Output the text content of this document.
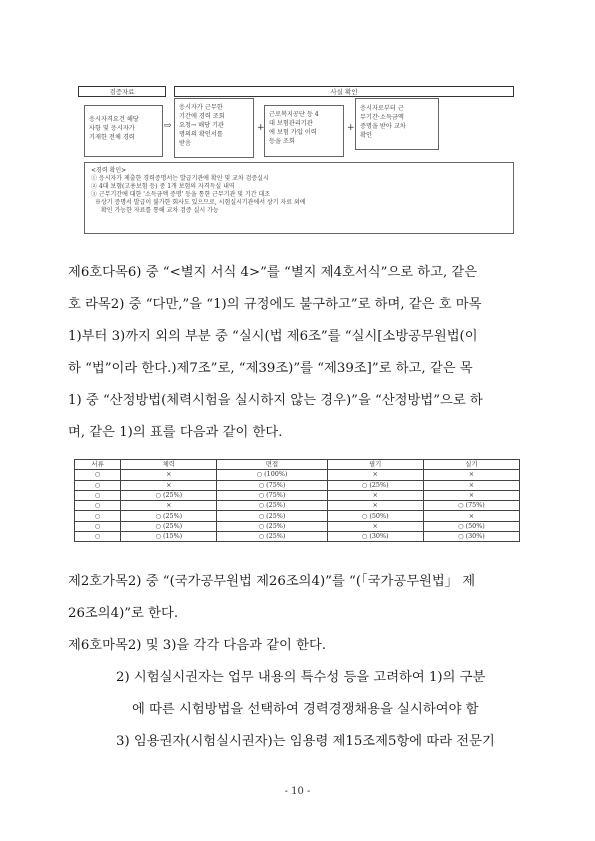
검증자료	사실 확인
응시자격요건 해당
사항 및 응시자가
기재한 전체 경력
⇨
응시자가 근무한
기간에 경력 조회
요청→ 해당 기관
명의의 확인서를
받음
+
근로복지공단 등 4
대 보험관리기관
에 보험 가입 이력
등을 조회
+
응시자로부터 근
무기간·소득금액
증명을 받아 교차
확인
<경력 확인>
① 응시자가 제출한 경력증명서는 발급기관에 확인 및 교차 검증실시
② 4대 보험(고용보험 등) 중 1개 보험의 자격득실 내역
③ 근무기간에 대한 '소득금액 증명' 등을 통한 근무기관 및 기간 대조
※상기 증명서 발급이 불가한 회사도 있으므로, 시험실시기관에서 상기 자료 외에
확인 가능한 자료를 통해 교차 검증 실시 가능
제6호다목6) 중 “<별지 서식 4>”를 “별지 제4호서식”으로 하고, 같은
호 라목2) 중 “다만,”을 “1)의 규정에도 불구하고”로 하며, 같은 호 마목
1)부터 3)까지 외의 부분 중 “실시(법 제6조”를 “실시[소방공무원법(이
하 “법”이라 한다.)제7조”로, “제39조)”를 “제39조]”로 하고, 같은 목
1) 중 “산정방법(체력시험을 실시하지 않는 경우)”을 “산정방법”으로 하
며, 같은 1)의 표를 다음과 같이 한다.
서류	체력	면접	필기	실기
○	×	○ (100%)	×	×
○	×	○ (75%)	○ (25%)	×
○	○ (25%)	○ (75%)	×	×
○	×	○ (25%)	×	○ (75%)
○	○ (25%)	○ (25%)	○ (50%)	×
○	○ (25%)	○ (25%)	×	○ (50%)
○	○ (15%)	○ (25%)	○ (30%)	○ (30%)
제2호가목2) 중 “(국가공무원법 제26조의4)”를 “(「국가공무원법」 제
26조의4)”로 한다.
제6호마목2) 및 3)을 각각 다음과 같이 한다.
2) 시험실시권자는 업무 내용의 특수성 등을 고려하여 1)의 구분
에 따른 시험방법을 선택하여 경력경쟁채용을 실시하여야 함
3) 임용권자(시험실시권자)는 임용령 제15조제5항에 따라 전문기
- 10 -
